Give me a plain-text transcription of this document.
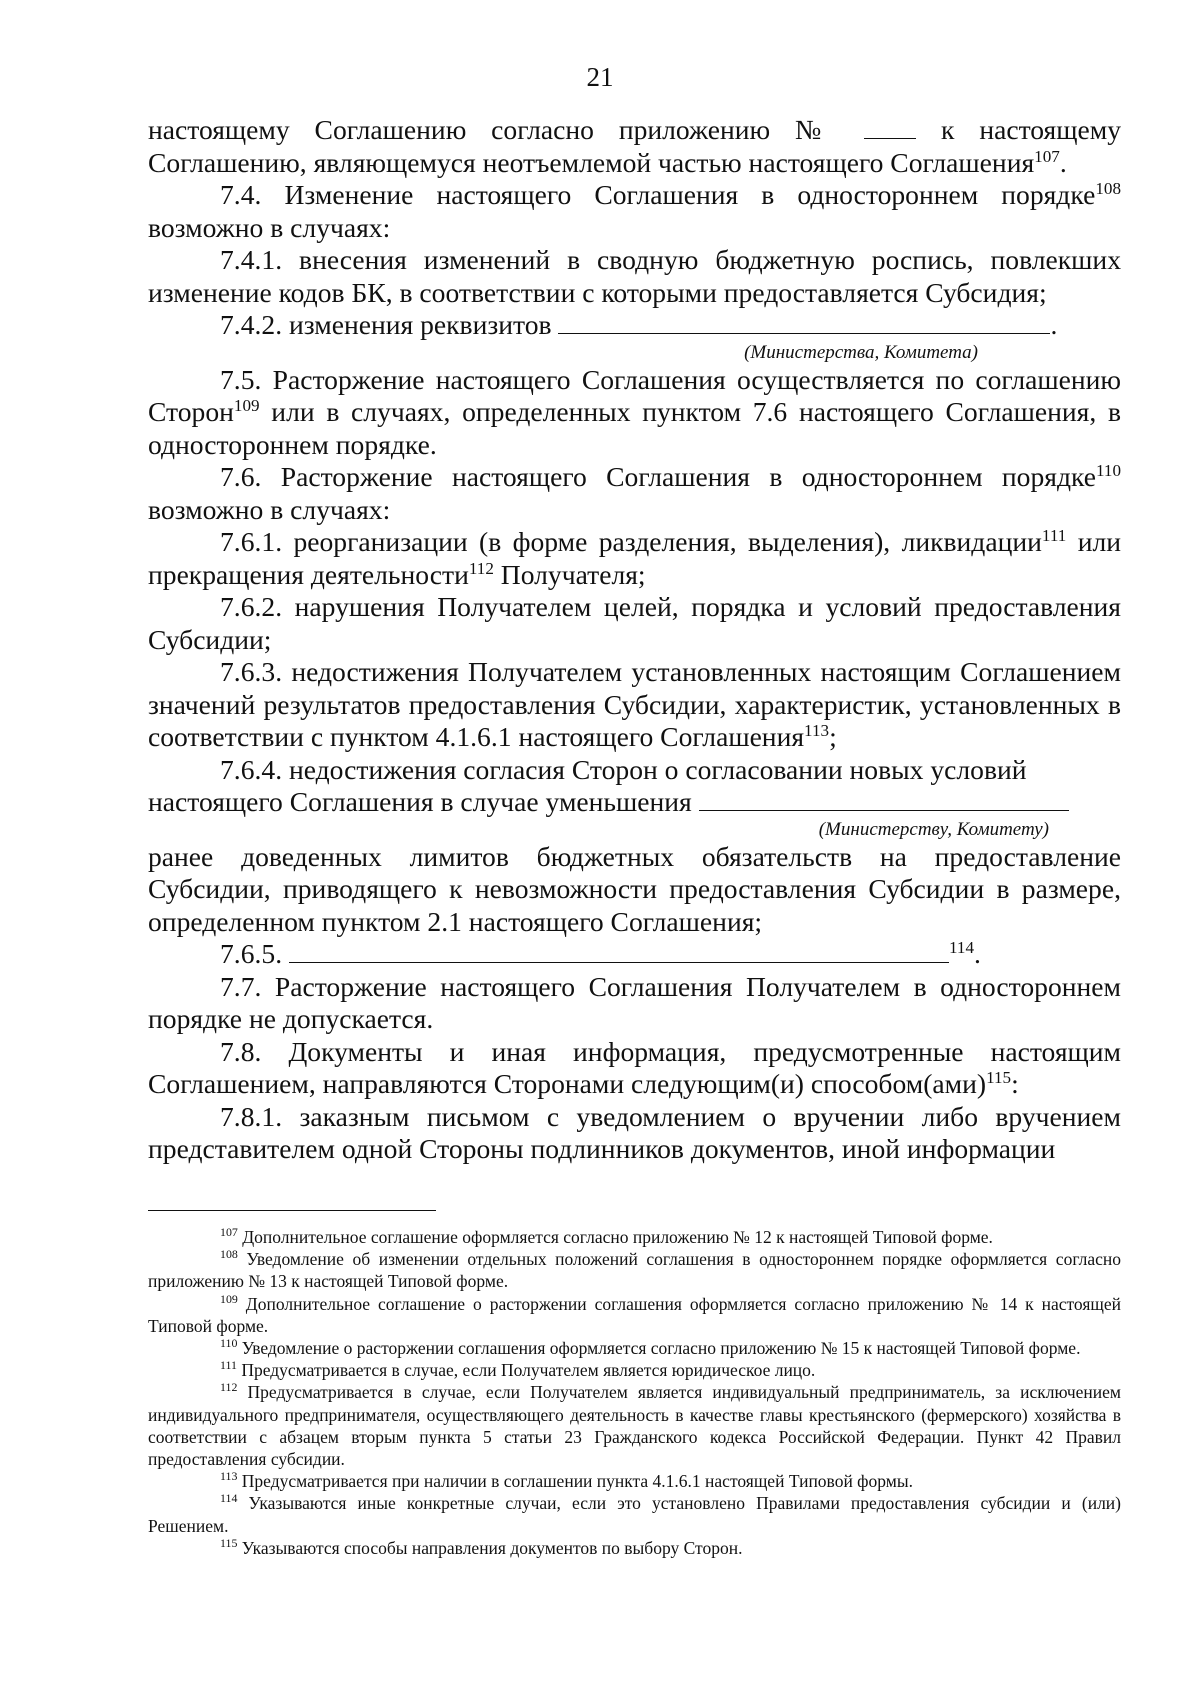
21

настоящему Соглашению согласно приложению №	к настоящему Соглашению, являющемуся неотъемлемой частью настоящего Соглашения$^{107}$.

7.4. Изменение настоящего Соглашения в одностороннем порядке$^{108}$ возможно в случаях:

7.4.1. внесения изменений в сводную бюджетную роспись, повлекших изменение кодов БК, в соответствии с которыми предоставляется Субсидия;

7.4.2. изменения реквизитов	.

(Министерства, Комитета)

7.5. Расторжение настоящего Соглашения осуществляется по соглашению Сторон$^{109}$ или в случаях, определенных пунктом 7.6 настоящего Соглашения, в одностороннем порядке.

7.6. Расторжение настоящего Соглашения в одностороннем порядке$^{110}$ возможно в случаях:

7.6.1. реорганизации (в форме разделения, выделения), ликвидации$^{111}$ или прекращения деятельности$^{112}$ Получателя;

7.6.2. нарушения Получателем целей, порядка и условий предоставления Субсидии;

7.6.3. недостижения Получателем установленных настоящим Соглашением значений результатов предоставления Субсидии, характеристик, установленных в соответствии с пунктом 4.1.6.1 настоящего Соглашения$^{113}$;

7.6.4. недостижения согласия Сторон о согласовании новых условий настоящего Соглашения в случае уменьшения

(Министерству, Комитету)

ранее доведенных лимитов бюджетных обязательств на предоставление Субсидии, приводящего к невозможности предоставления Субсидии в размере, определенном пунктом 2.1 настоящего Соглашения;

7.6.5.	$^{114}$.

7.7. Расторжение настоящего Соглашения Получателем в одностороннем порядке не допускается.

7.8. Документы и иная информация, предусмотренные настоящим Соглашением, направляются Сторонами следующим(и) способом(ами)$^{115}$:

7.8.1. заказным письмом с уведомлением о вручении либо вручением представителем одной Стороны подлинников документов, иной информации

$^{107}$ Дополнительное соглашение оформляется согласно приложению № 12 к настоящей Типовой форме.

$^{108}$ Уведомление об изменении отдельных положений соглашения в одностороннем порядке оформляется согласно приложению № 13 к настоящей Типовой форме.

$^{109}$ Дополнительное соглашение о расторжении соглашения оформляется согласно приложению № 14 к настоящей Типовой форме.

$^{110}$ Уведомление о расторжении соглашения оформляется согласно приложению № 15 к настоящей Типовой форме.

$^{111}$ Предусматривается в случае, если Получателем является юридическое лицо.

$^{112}$ Предусматривается в случае, если Получателем является индивидуальный предприниматель, за исключением индивидуального предпринимателя, осуществляющего деятельность в качестве главы крестьянского (фермерского) хозяйства в соответствии с абзацем вторым пункта 5 статьи 23 Гражданского кодекса Российской Федерации. Пункт 42 Правил предоставления субсидии.

$^{113}$ Предусматривается при наличии в соглашении пункта 4.1.6.1 настоящей Типовой формы.

$^{114}$ Указываются иные конкретные случаи, если это установлено Правилами предоставления субсидии и (или) Решением.

$^{115}$ Указываются способы направления документов по выбору Сторон.
